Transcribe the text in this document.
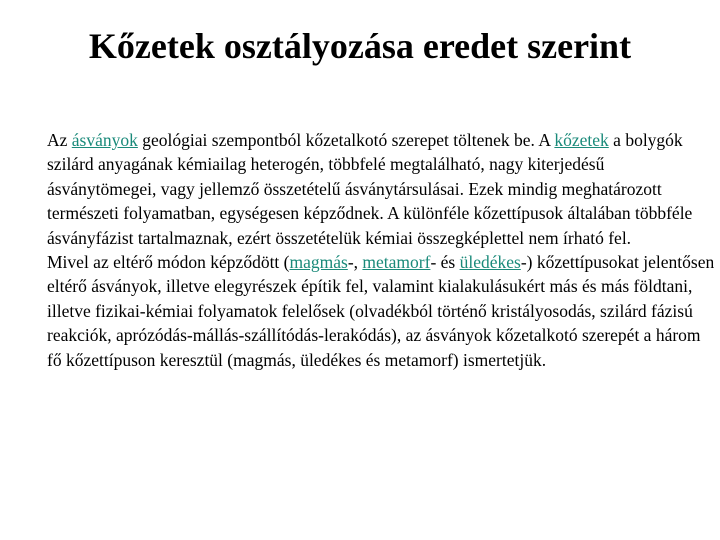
Kőzetek osztályozása eredet szerint

Az ásványok geológiai szempontból kőzetalkotó szerepet töltenek be. A kőzetek a bolygók szilárd anyagának kémiailag heterogén, többfelé megtalálható, nagy kiterjedésű ásványtömegei, vagy jellemző összetételű ásványtársulásai. Ezek mindig meghatározott természeti folyamatban, egységesen képződnek. A különféle kőzettípusok általában többféle ásványfázist tartalmaznak, ezért összetételük kémiai összegképlettel nem írható fel.

Mivel az eltérő módon képződött (magmás-, metamorf- és üledékes-) kőzettípusokat jelentősen eltérő ásványok, illetve elegyrészek építik fel, valamint kialakulásukért más és más földtani, illetve fizikai-kémiai folyamatok felelősek (olvadékból történő kristályosodás, szilárd fázisú reakciók, aprózódás-mállás-szállítódás-lerakódás), az ásványok kőzetalkotó szerepét a három fő kőzettípuson keresztül (magmás, üledékes és metamorf) ismertetjük.
